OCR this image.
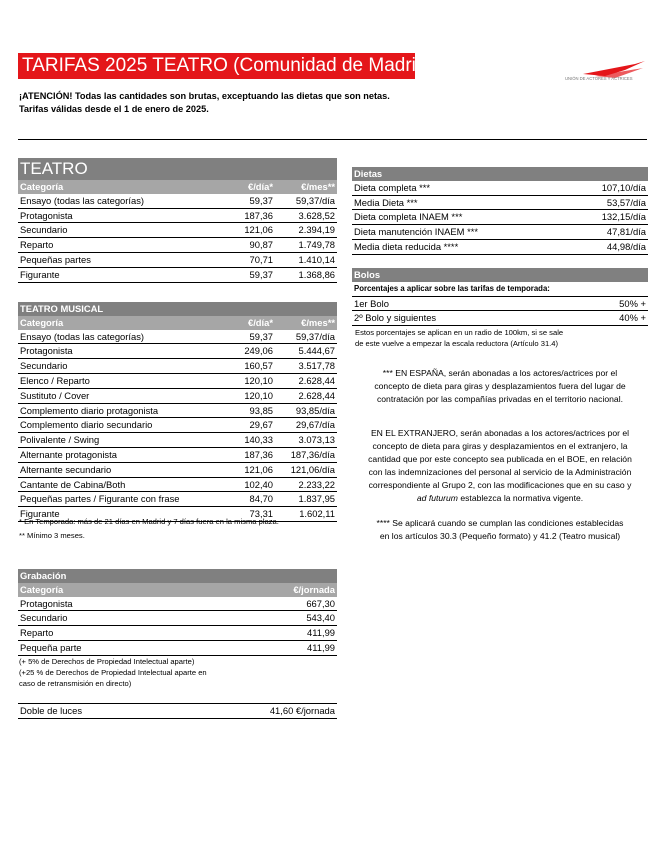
TARIFAS 2025 TEATRO (Comunidad de Madrid)
UNIÓN DE ACTORES Y ACTRICES
¡ATENCIÓN! Todas las cantidades son brutas, exceptuando las dietas que son netas.
Tarifas válidas desde el 1 de enero de 2025.
TEATRO		
Categoría	€/día*	€/mes**
Ensayo (todas las categorías)	59,37	59,37/día
Protagonista	187,36	3.628,52
Secundario	121,06	2.394,19
Reparto	90,87	1.749,78
Pequeñas partes	70,71	1.410,14
Figurante	59,37	1.368,86
TEATRO MUSICAL		
Categoría	€/día*	€/mes**
Ensayo (todas las categorías)	59,37	59,37/día
Protagonista	249,06	5.444,67
Secundario	160,57	3.517,78
Elenco / Reparto	120,10	2.628,44
Sustituto / Cover	120,10	2.628,44
Complemento diario protagonista	93,85	93,85/día
Complemento diario secundario	29,67	29,67/día
Polivalente / Swing	140,33	3.073,13
Alternante protagonista	187,36	187,36/día
Alternante secundario	121,06	121,06/día
Cantante de Cabina/Both	102,40	2.233,22
Pequeñas partes / Figurante con frase	84,70	1.837,95
Figurante	73,31	1.602,11
* En Temporada: más de 21 días en Madrid y 7 días fuera en la misma plaza.
** Mínimo 3 meses.
Grabación	
Categoría	€/jornada
Protagonista	667,30
Secundario	543,40
Reparto	411,99
Pequeña parte	411,99
(+ 5% de Derechos de Propiedad Intelectual aparte)
(+25 % de Derechos de Propiedad Intelectual aparte en
caso de retransmisión en directo)
Doble de luces	41,60 €/jornada
Dietas	
Dieta completa ***	107,10/día
Media Dieta ***	53,57/día
Dieta completa INAEM ***	132,15/día
Dieta manutención INAEM ***	47,81/día
Media dieta reducida ****	44,98/día
Bolos	
Porcentajes a aplicar sobre las tarifas de temporada:	
1er Bolo	50% +
2º Bolo y siguientes	40% +
Estos porcentajes se aplican en un radio de 100km, si se sale
de este vuelve a empezar la escala reductora (Artículo 31.4)
*** EN ESPAÑA, serán abonadas a los actores/actrices por el
concepto de dieta para giras y desplazamientos fuera del lugar de
contratación por las compañías privadas en el territorio nacional.
EN EL EXTRANJERO, serán abonadas a los actores/actrices por el
concepto de dieta para giras y desplazamientos en el extranjero, la
cantidad que por este concepto sea publicada en el BOE, en relación
con las indemnizaciones del personal al servicio de la Administración
correspondiente al Grupo 2, con las modificaciones que en su caso y
ad futurum establezca la normativa vigente.
**** Se aplicará cuando se cumplan las condiciones establecidas
en los artículos 30.3 (Pequeño formato) y 41.2 (Teatro musical)
